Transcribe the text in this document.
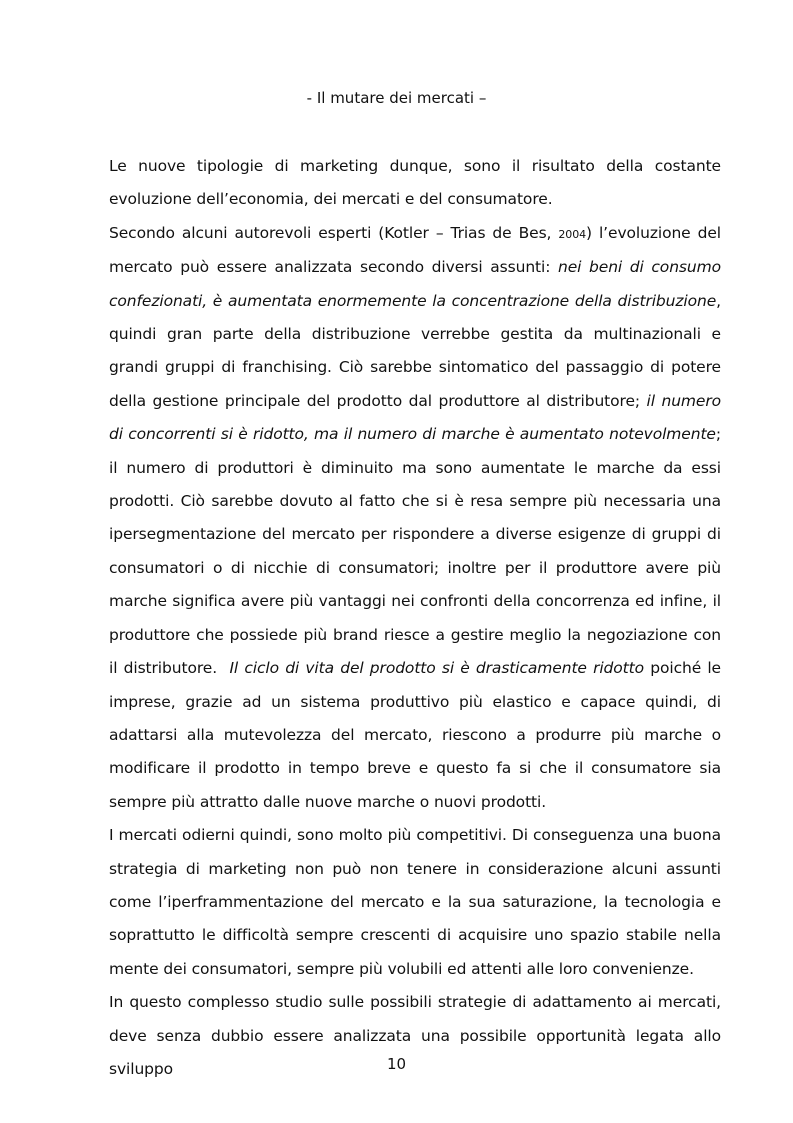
- Il mutare dei mercati –

Le nuove tipologie di marketing dunque, sono il risultato della costante evoluzione dell’economia, dei mercati e del consumatore.

Secondo alcuni autorevoli esperti (Kotler – Trias de Bes, 2004) l’evoluzione del mercato può essere analizzata secondo diversi assunti: nei beni di consumo confezionati, è aumentata enormemente la concentrazione della distribuzione, quindi gran parte della distribuzione verrebbe gestita da multinazionali e grandi gruppi di franchising. Ciò sarebbe sintomatico del passaggio di potere della gestione principale del prodotto dal produttore al distributore; il numero di concorrenti si è ridotto, ma il numero di marche è aumentato notevolmente; il numero di produttori è diminuito ma sono aumentate le marche da essi prodotti. Ciò sarebbe dovuto al fatto che si è resa sempre più necessaria una ipersegmentazione del mercato per rispondere a diverse esigenze di gruppi di consumatori o di nicchie di consumatori; inoltre per il produttore avere più marche significa avere più vantaggi nei confronti della concorrenza ed infine, il produttore che possiede più brand riesce a gestire meglio la negoziazione con il distributore. Il ciclo di vita del prodotto si è drasticamente ridotto poiché le imprese, grazie ad un sistema produttivo più elastico e capace quindi, di adattarsi alla mutevolezza del mercato, riescono a produrre più marche o modificare il prodotto in tempo breve e questo fa si che il consumatore sia sempre più attratto dalle nuove marche o nuovi prodotti.

I mercati odierni quindi, sono molto più competitivi. Di conseguenza una buona strategia di marketing non può non tenere in considerazione alcuni assunti come l’iperframmentazione del mercato e la sua saturazione, la tecnologia e soprattutto le difficoltà sempre crescenti di acquisire uno spazio stabile nella mente dei consumatori, sempre più volubili ed attenti alle loro convenienze.

In questo complesso studio sulle possibili strategie di adattamento ai mercati, deve senza dubbio essere analizzata una possibile opportunità legata allo sviluppo	10
